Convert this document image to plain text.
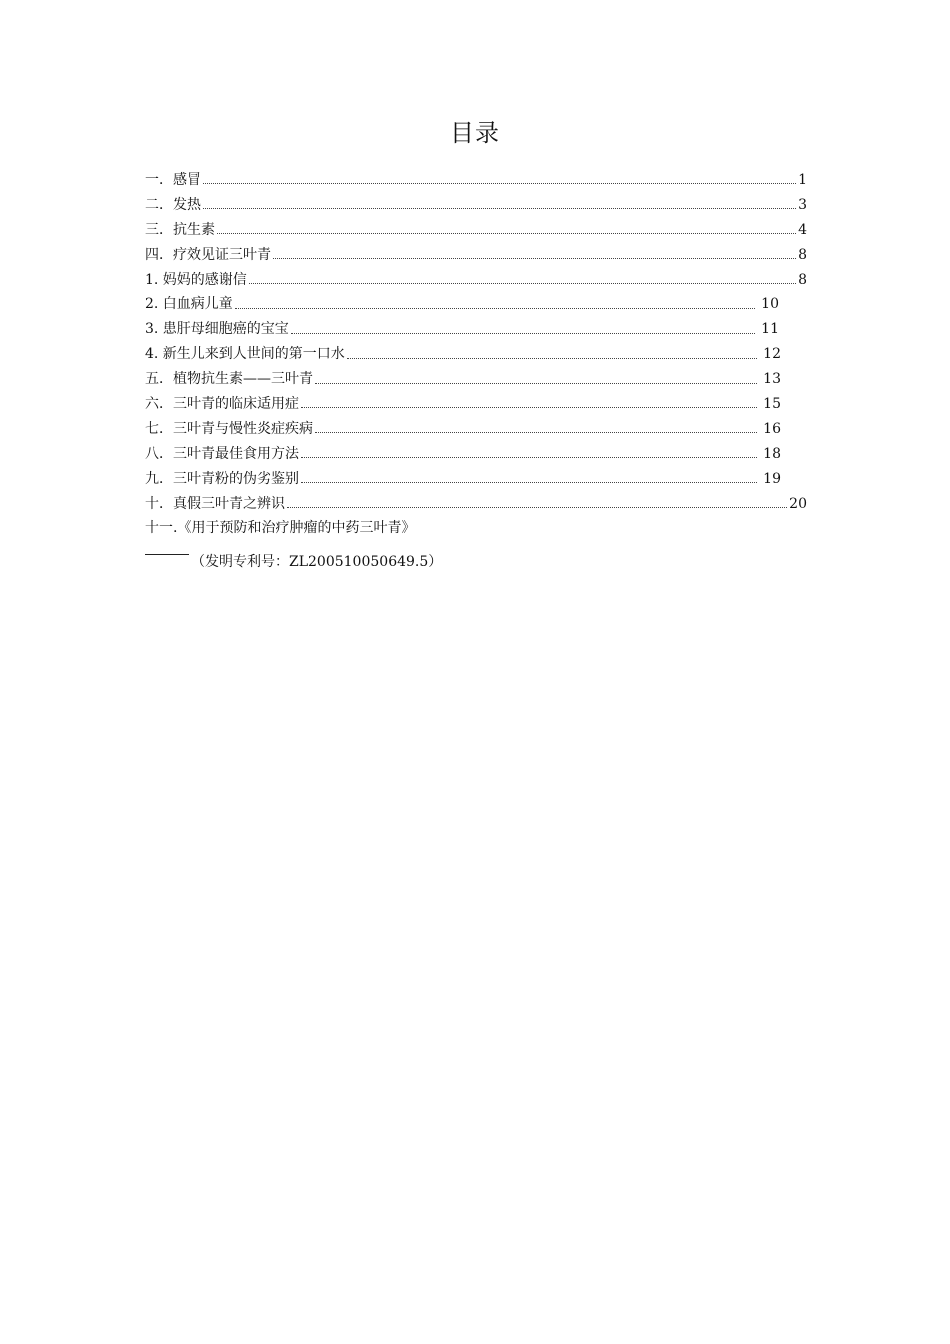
目录
一．感冒	1
二．发热	3
三．抗生素	4
四．疗效见证三叶青	8
1. 妈妈的感谢信	8
2. 白血病儿童	10
3. 患肝母细胞癌的宝宝	11
4. 新生儿来到人世间的第一口水	12
五．植物抗生素——三叶青	13
六．三叶青的临床适用症	15
七．三叶青与慢性炎症疾病	16
八．三叶青最佳食用方法	18
九．三叶青粉的伪劣鉴别	19
十．真假三叶青之辨识	20
十一.《用于预防和治疗肿瘤的中药三叶青》
（发明专利号：ZL200510050649.5）
